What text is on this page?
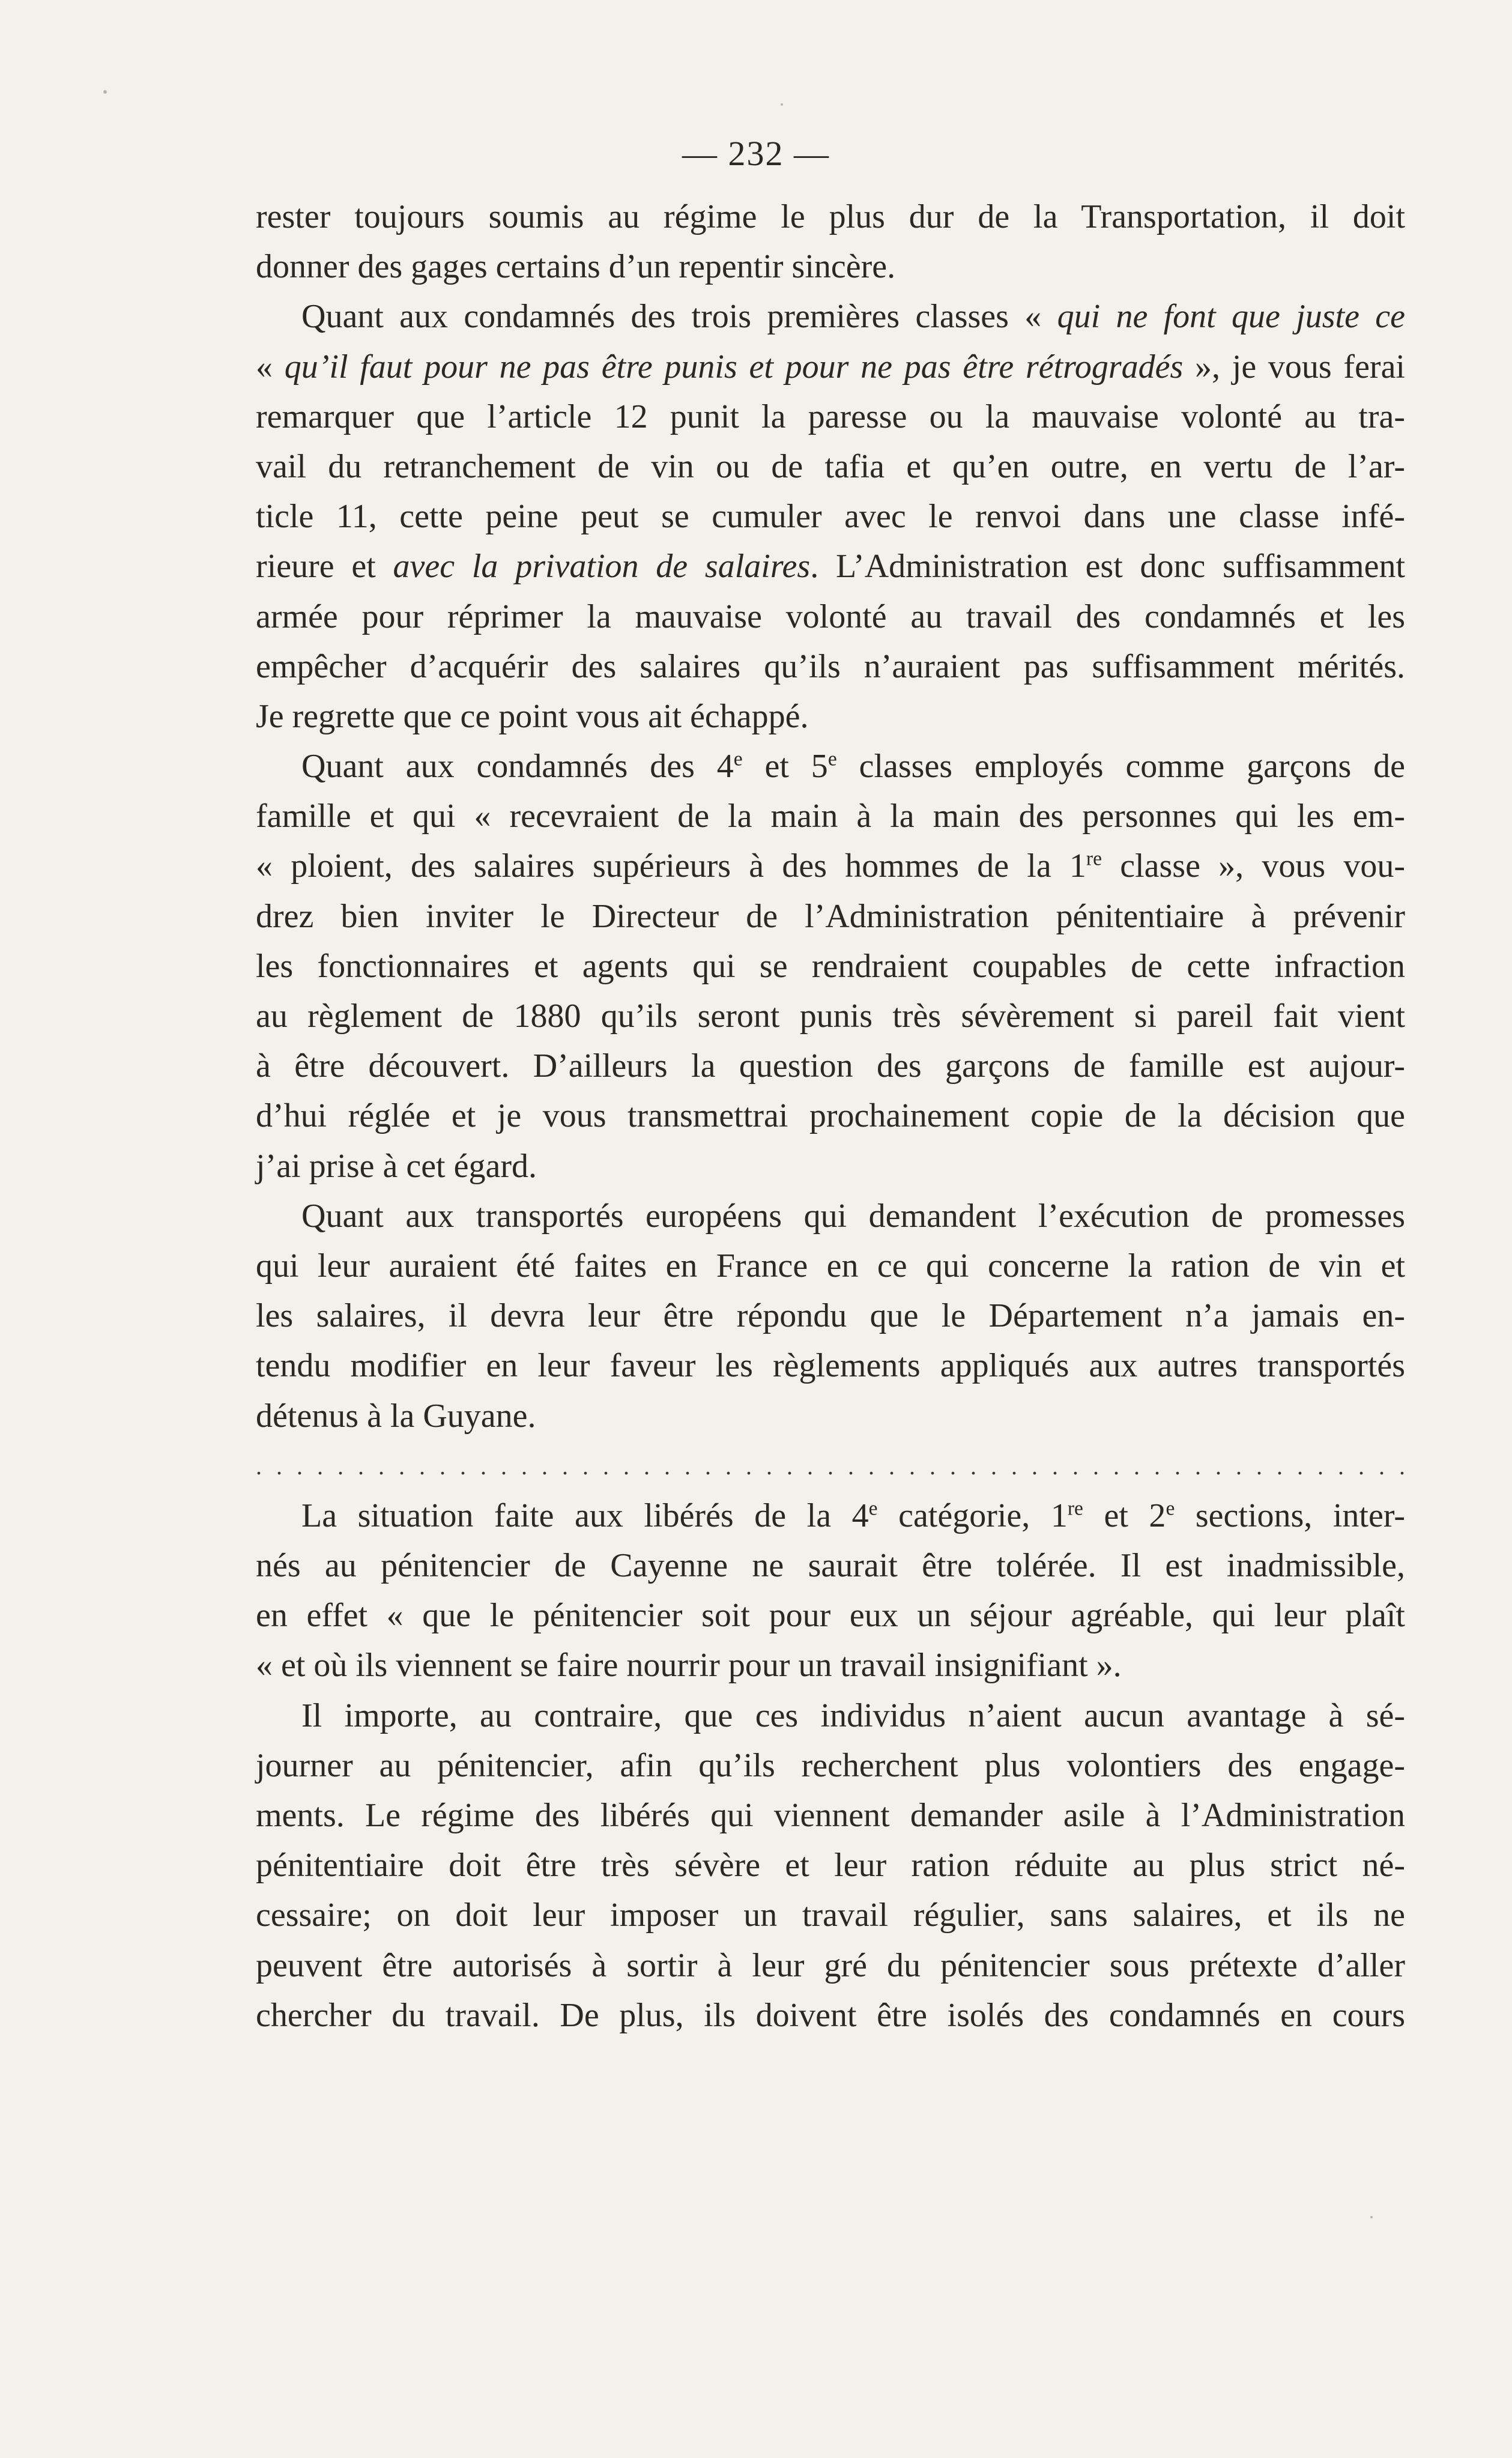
— 232 —
rester toujours soumis au régime le plus dur de la Transportation, il doit
donner des gages certains d’un repentir sincère.
Quant aux condamnés des trois premières classes « qui ne font que juste ce
« qu’il faut pour ne pas être punis et pour ne pas être rétrogradés », je vous ferai
remarquer que l’article 12 punit la paresse ou la mauvaise volonté au tra-
vail du retranchement de vin ou de tafia et qu’en outre, en vertu de l’ar-
ticle 11, cette peine peut se cumuler avec le renvoi dans une classe infé-
rieure et avec la privation de salaires. L’Administration est donc suffisamment
armée pour réprimer la mauvaise volonté au travail des condamnés et les
empêcher d’acquérir des salaires qu’ils n’auraient pas suffisamment mérités.
Je regrette que ce point vous ait échappé.
Quant aux condamnés des 4e et 5e classes employés comme garçons de
famille et qui « recevraient de la main à la main des personnes qui les em-
« ploient, des salaires supérieurs à des hommes de la 1re classe », vous vou-
drez bien inviter le Directeur de l’Administration pénitentiaire à prévenir
les fonctionnaires et agents qui se rendraient coupables de cette infraction
au règlement de 1880 qu’ils seront punis très sévèrement si pareil fait vient
à être découvert. D’ailleurs la question des garçons de famille est aujour-
d’hui réglée et je vous transmettrai prochainement copie de la décision que
j’ai prise à cet égard.
Quant aux transportés européens qui demandent l’exécution de promesses
qui leur auraient été faites en France en ce qui concerne la ration de vin et
les salaires, il devra leur être répondu que le Département n’a jamais en-
tendu modifier en leur faveur les règlements appliqués aux autres transportés
détenus à la Guyane.
. . . . . . . . . . . . . . . . . . . . . . . . . . . . . . . . . . . . . . . . . . . . . . . . . . . . . . . . .
La situation faite aux libérés de la 4e catégorie, 1re et 2e sections, inter-
nés au pénitencier de Cayenne ne saurait être tolérée. Il est inadmissible,
en effet « que le pénitencier soit pour eux un séjour agréable, qui leur plaît
« et où ils viennent se faire nourrir pour un travail insignifiant ».
Il importe, au contraire, que ces individus n’aient aucun avantage à sé-
journer au pénitencier, afin qu’ils recherchent plus volontiers des engage-
ments. Le régime des libérés qui viennent demander asile à l’Administration
pénitentiaire doit être très sévère et leur ration réduite au plus strict né-
cessaire; on doit leur imposer un travail régulier, sans salaires, et ils ne
peuvent être autorisés à sortir à leur gré du pénitencier sous prétexte d’aller
chercher du travail. De plus, ils doivent être isolés des condamnés en cours
